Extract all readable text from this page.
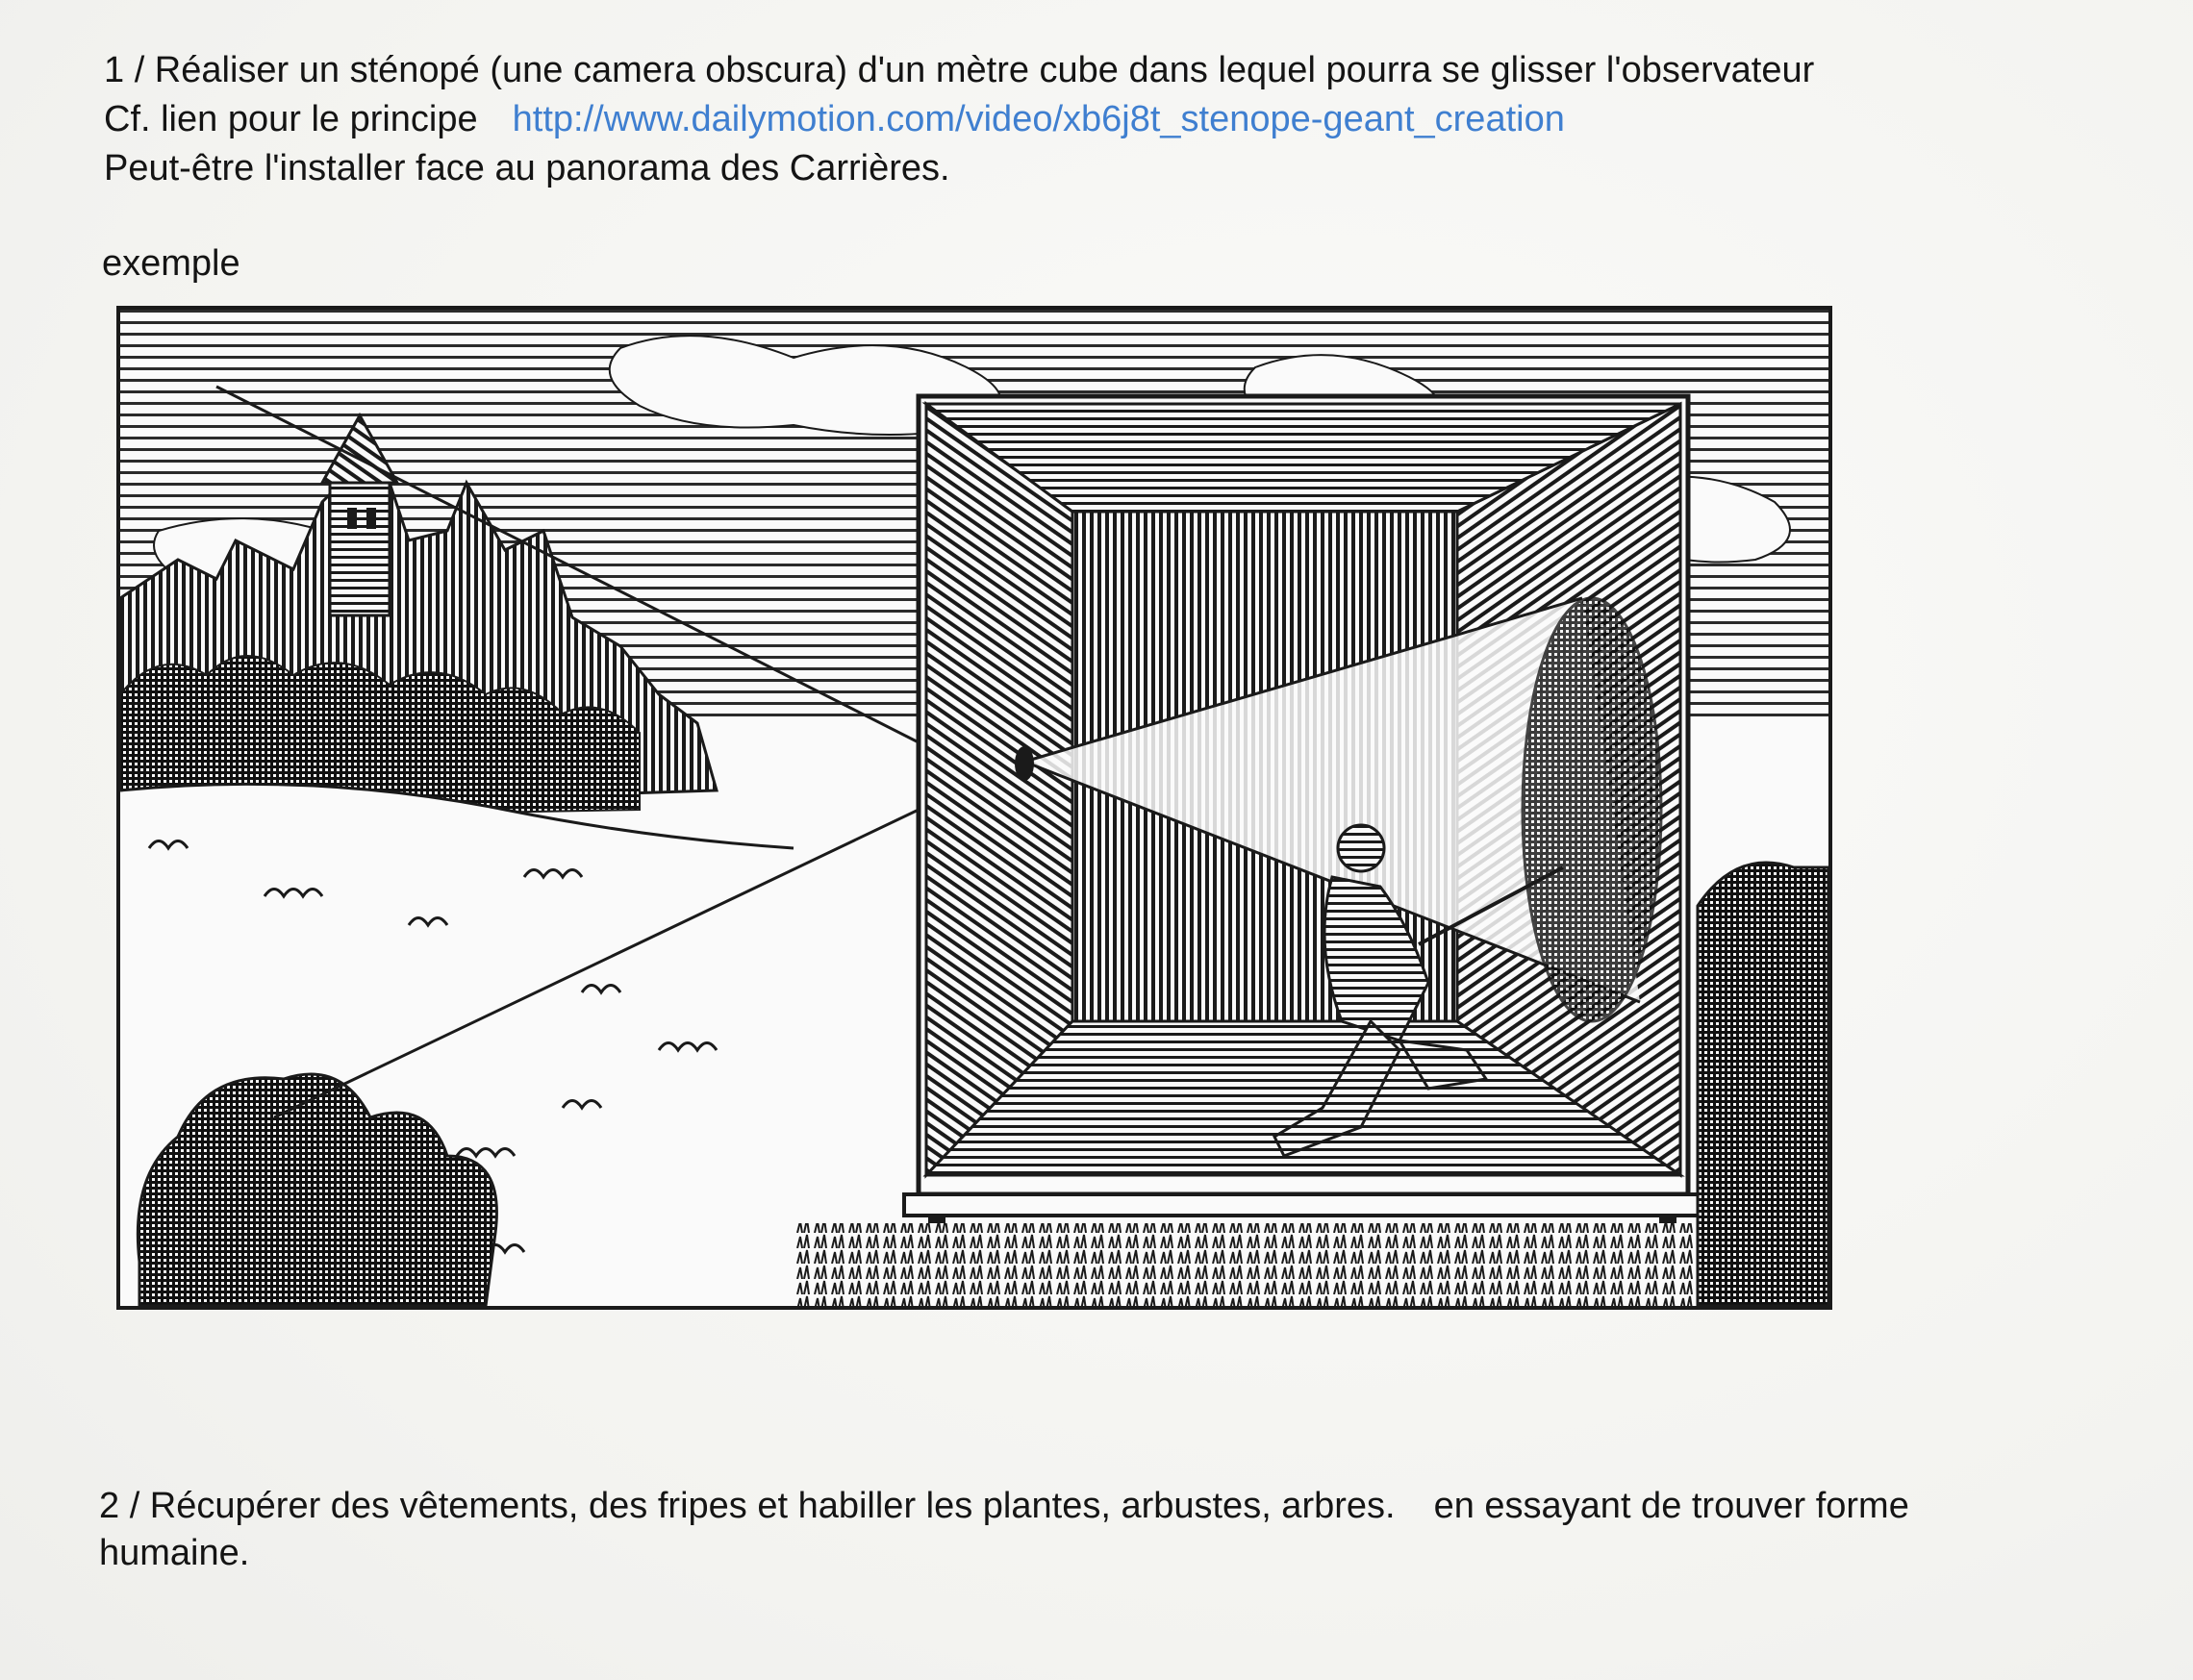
1 / Réaliser un sténopé (une camera obscura) d'un mètre cube dans lequel pourra se glisser l'observateur
Cf. lien pour le principe http://www.dailymotion.com/video/xb6j8t_stenope-geant_creation
Peut-être l'installer face au panorama des Carrières.
exemple
2 / Récupérer des vêtements, des fripes et habiller les plantes, arbustes, arbres. en essayant de trouver forme
humaine.
